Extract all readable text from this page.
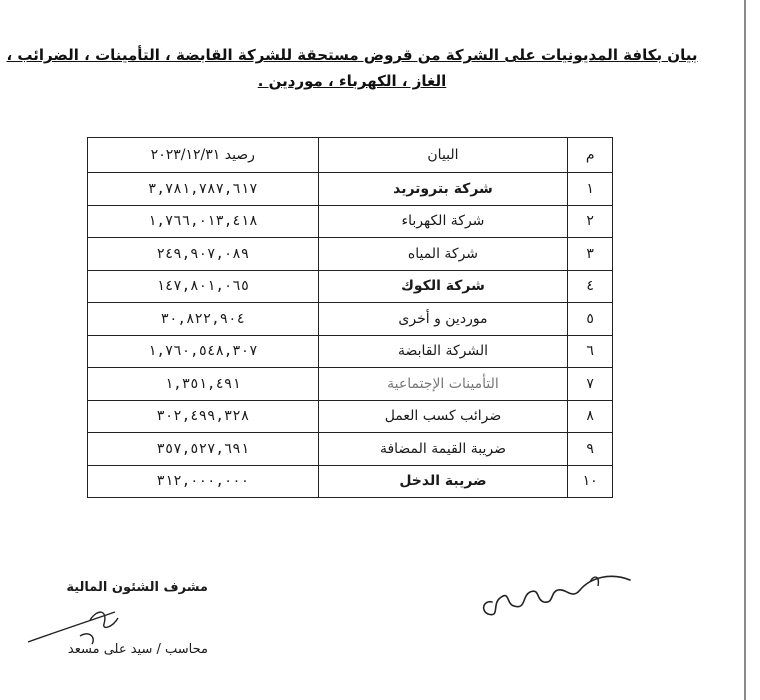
بيان بكافة المديونيات على الشركة من قروض مستحقة للشركة القابضة ، التأمينات ، الضرائب ،
الغاز ، الكهرباء ، موردين .
م	البيان	رصيد ٢٠٢٣/١٢/٣١
١	شركة بتروتريد	٣,٧٨١,٧٨٧,٦١٧
٢	شركة الكهرباء	١,٧٦٦,٠١٣,٤١٨
٣	شركة المياه	٢٤٩,٩٠٧,٠٨٩
٤	شركة الكوك	١٤٧,٨٠١,٠٦٥
٥	موردين و أخرى	٣٠,٨٢٢,٩٠٤
٦	الشركة القابضة	١,٧٦٠,٥٤٨,٣٠٧
٧	التأمينات الإجتماعية	١,٣٥١,٤٩١
٨	ضرائب كسب العمل	٣٠٢,٤٩٩,٣٢٨
٩	ضريبة القيمة المضافة	٣٥٧,٥٢٧,٦٩١
١٠	ضريبة الدخل	٣١٢,٠٠٠,٠٠٠
مشرف الشئون المالية
محاسب / سيد على مسعد
